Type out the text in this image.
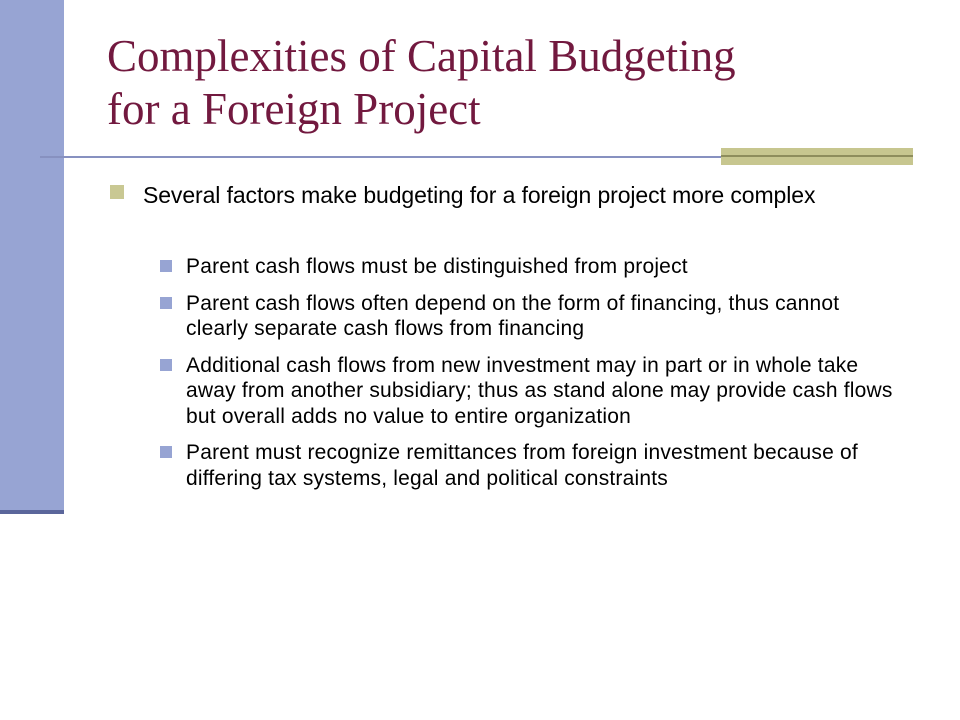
Complexities of Capital Budgeting
for a Foreign Project
Several factors make budgeting for a foreign project more complex
Parent cash flows must be distinguished from project
Parent cash flows often depend on the form of financing, thus cannot clearly separate cash flows from financing
Additional cash flows from new investment may in part or in whole take away from another subsidiary; thus as stand alone may provide cash flows but overall adds no value to entire organization
Parent must recognize remittances from foreign investment because of differing tax systems, legal and political constraints
